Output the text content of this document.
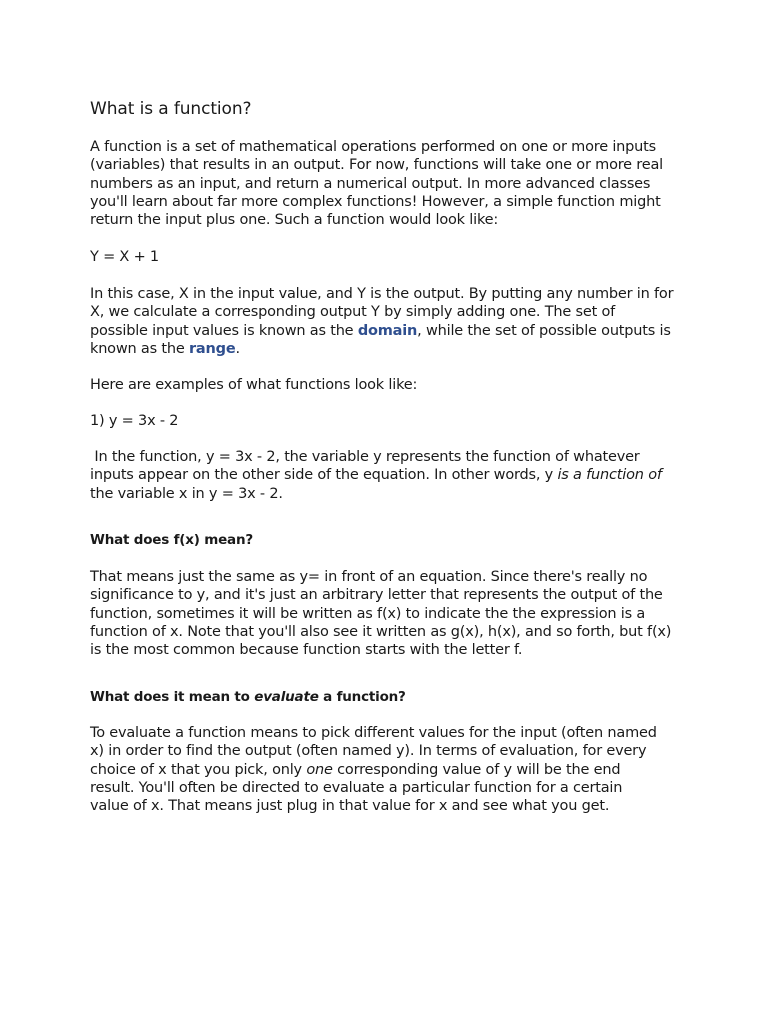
What is a function?
A function is a set of mathematical operations performed on one or more inputs
(variables) that results in an output. For now, functions will take one or more real
numbers as an input, and return a numerical output. In more advanced classes
you'll learn about far more complex functions! However, a simple function might
return the input plus one. Such a function would look like:
Y = X + 1
In this case, X in the input value, and Y is the output. By putting any number in for
X, we calculate a corresponding output Y by simply adding one. The set of
possible input values is known as the domain, while the set of possible outputs is
known as the range.
Here are examples of what functions look like:
1) y = 3x - 2
In the function, y = 3x - 2, the variable y represents the function of whatever
inputs appear on the other side of the equation. In other words, y is a function of
the variable x in y = 3x - 2.
What does f(x) mean?
That means just the same as y= in front of an equation. Since there's really no
significance to y, and it's just an arbitrary letter that represents the output of the
function, sometimes it will be written as f(x) to indicate the the expression is a
function of x. Note that you'll also see it written as g(x), h(x), and so forth, but f(x)
is the most common because function starts with the letter f.
What does it mean to evaluate a function?
To evaluate a function means to pick different values for the input (often named
x) in order to find the output (often named y). In terms of evaluation, for every
choice of x that you pick, only one corresponding value of y will be the end
result. You'll often be directed to evaluate a particular function for a certain
value of x. That means just plug in that value for x and see what you get.
